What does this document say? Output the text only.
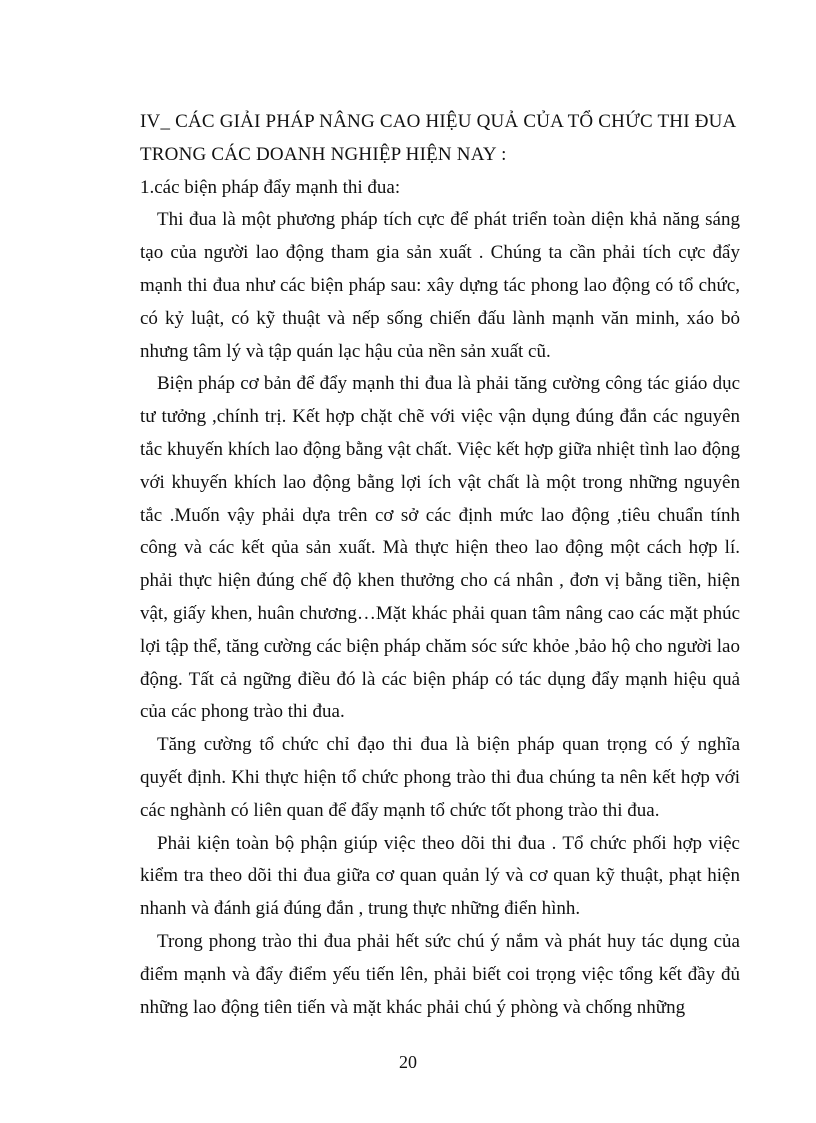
IV_ CÁC GIẢI PHÁP NÂNG CAO HIỆU QUẢ CỦA TỔ CHỨC THI ĐUA

TRONG CÁC DOANH NGHIỆP HIỆN NAY :

1.các biện pháp đẩy mạnh thi đua:

Thi đua là một phương pháp tích cực để phát triển toàn diện khả năng sáng tạo của người lao động tham gia sản xuất . Chúng ta cần phải tích cực đẩy mạnh thi đua như các biện pháp sau: xây dựng tác phong lao động có tổ chức, có kỷ luật, có kỹ thuật và nếp sống chiến đấu lành mạnh văn minh, xáo bỏ nhưng tâm lý và tập quán lạc hậu của nền sản xuất cũ.

Biện pháp cơ bản để đẩy mạnh thi đua là phải tăng cường công tác giáo dục tư tưởng ,chính trị. Kết hợp chặt chẽ với việc vận dụng đúng đắn các nguyên tắc khuyến khích lao động bằng vật chất. Việc kết hợp giữa nhiệt tình lao động với khuyến khích lao động bằng lợi ích vật chất là một trong những nguyên tắc .Muốn vậy phải dựa trên cơ sở các định mức lao động ,tiêu chuẩn tính công và các kết qủa sản xuất. Mà thực hiện theo lao động một cách hợp lí. phải thực hiện đúng chế độ khen thưởng cho cá nhân , đơn vị bằng tiền, hiện vật, giấy khen, huân chương…Mặt khác phải quan tâm nâng cao các mặt phúc lợi tập thể, tăng cường các biện pháp chăm sóc sức khỏe ,bảo hộ cho người lao động. Tất cả ngững điều đó là các biện pháp có tác dụng đẩy mạnh hiệu quả của các phong trào thi đua.

Tăng cường tổ chức chỉ đạo thi đua là biện pháp quan trọng có ý nghĩa quyết định. Khi thực hiện tổ chức phong trào thi đua chúng ta nên kết hợp với các nghành có liên quan để đẩy mạnh tổ chức tốt phong trào thi đua.

Phải kiện toàn bộ phận giúp việc theo dõi thi đua . Tổ chức phối hợp việc kiểm tra theo dõi thi đua giữa cơ quan quản lý và cơ quan kỹ thuật, phạt hiện nhanh và đánh giá đúng đắn , trung thực những điển hình.

Trong phong trào thi đua phải hết sức chú ý nắm và phát huy tác dụng của điểm mạnh và đẩy điểm yếu tiến lên, phải biết coi trọng việc tổng kết đầy đủ những lao động tiên tiến và mặt khác phải chú ý phòng và chống những

20
